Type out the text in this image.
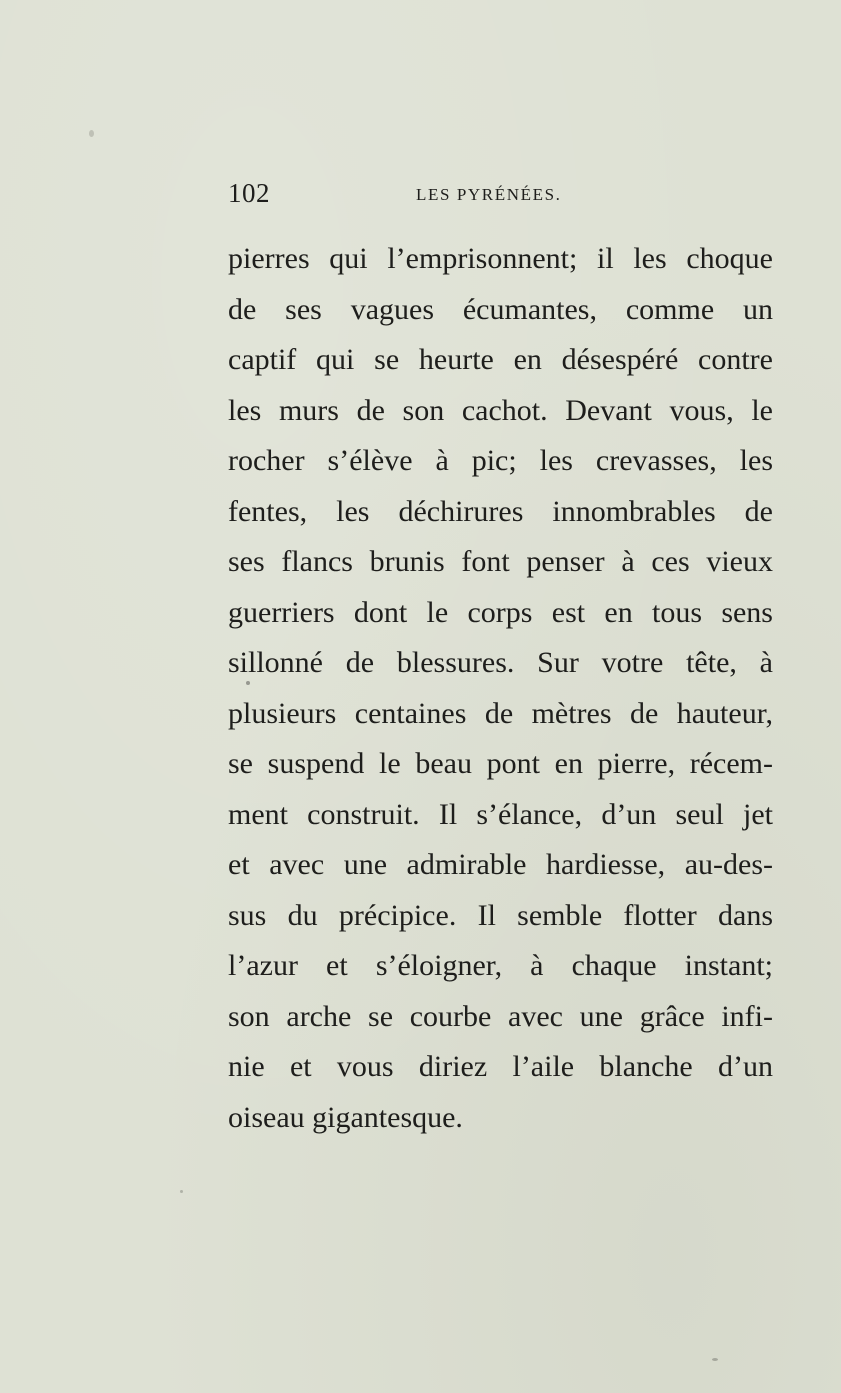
102	LES PYRÉNÉES.
pierres qui l’emprisonnent; il les choque
de ses vagues écumantes, comme un
captif qui se heurte en désespéré contre
les murs de son cachot. Devant vous, le
rocher s’élève à pic; les crevasses, les
fentes, les déchirures innombrables de
ses flancs brunis font penser à ces vieux
guerriers dont le corps est en tous sens
sillonné de blessures. Sur votre tête, à
plusieurs centaines de mètres de hauteur,
se suspend le beau pont en pierre, récem-
ment construit. Il s’élance, d’un seul jet
et avec une admirable hardiesse, au-des-
sus du précipice. Il semble flotter dans
l’azur et s’éloigner, à chaque instant;
son arche se courbe avec une grâce infi-
nie et vous diriez l’aile blanche d’un
oiseau gigantesque.
